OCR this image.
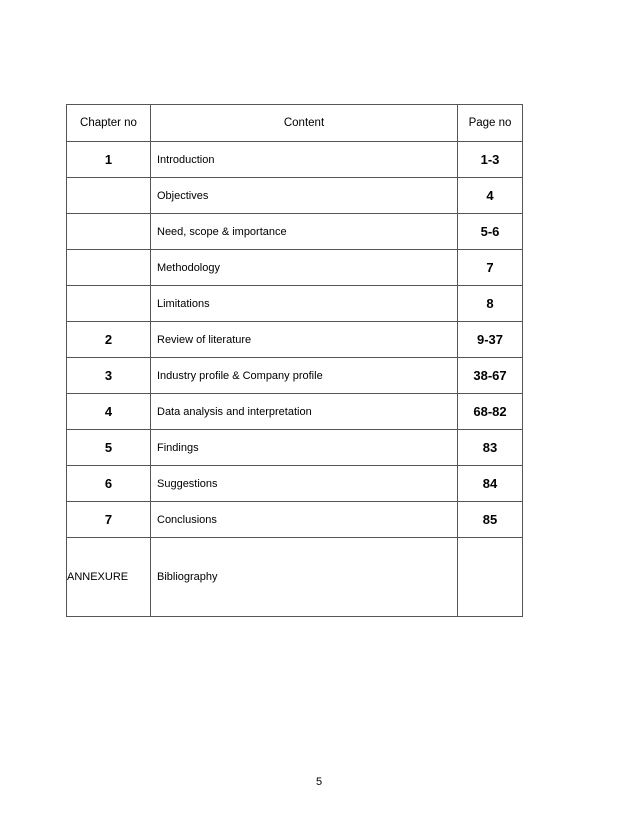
Chapter no	Content	Page no
1	Introduction	1-3
	Objectives	4
	Need, scope & importance	5-6
	Methodology	7
	Limitations	8
2	Review of literature	9-37
3	Industry profile & Company profile	38-67
4	Data analysis and interpretation	68-82
5	Findings	83
6	Suggestions	84
7	Conclusions	85
ANNEXURE	Bibliography	
5
